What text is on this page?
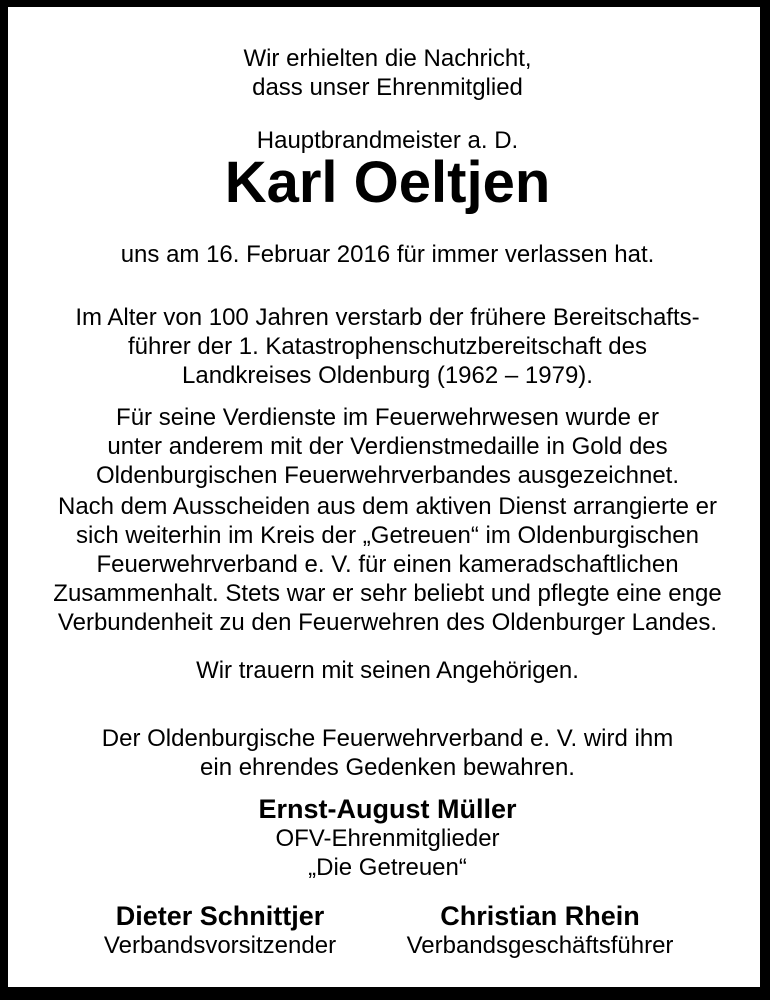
Wir erhielten die Nachricht,
dass unser Ehrenmitglied
Hauptbrandmeister a. D.
Karl Oeltjen
uns am 16. Februar 2016 für immer verlassen hat.
Im Alter von 100 Jahren verstarb der frühere Bereitschafts-
führer der 1. Katastrophenschutzbereitschaft des
Landkreises Oldenburg (1962 – 1979).
Für seine Verdienste im Feuerwehrwesen wurde er
unter anderem mit der Verdienstmedaille in Gold des
Oldenburgischen Feuerwehrverbandes ausgezeichnet.
Nach dem Ausscheiden aus dem aktiven Dienst arrangierte er
sich weiterhin im Kreis der „Getreuen“ im Oldenburgischen
Feuerwehrverband e. V. für einen kameradschaftlichen
Zusammenhalt. Stets war er sehr beliebt und pflegte eine enge
Verbundenheit zu den Feuerwehren des Oldenburger Landes.
Wir trauern mit seinen Angehörigen.
Der Oldenburgische Feuerwehrverband e. V. wird ihm
ein ehrendes Gedenken bewahren.
Ernst-August Müller
OFV-Ehrenmitglieder
„Die Getreuen“
Dieter Schnittjer
Verbandsvorsitzender
Christian Rhein
Verbandsgeschäftsführer
